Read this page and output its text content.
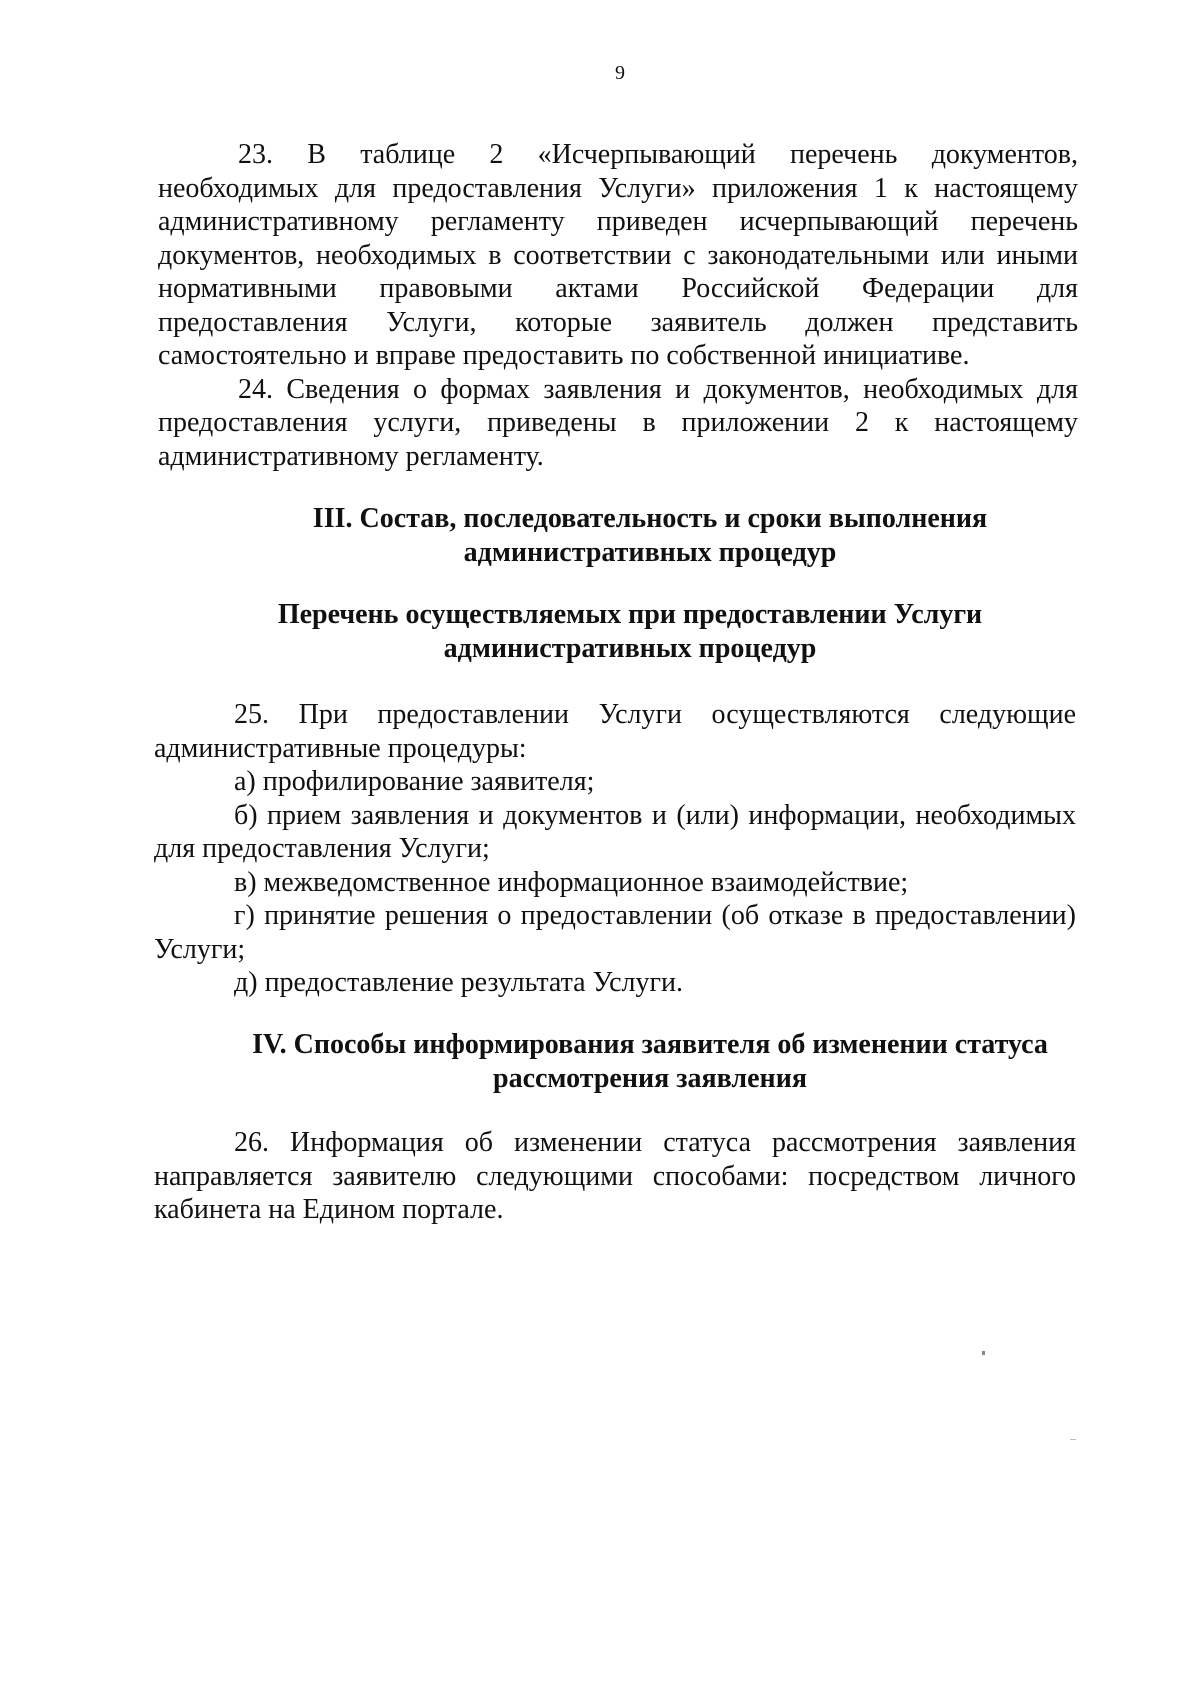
9

23. В таблице 2 «Исчерпывающий перечень документов, необходимых для предоставления Услуги» приложения 1 к настоящему административному регламенту приведен исчерпывающий перечень документов, необходимых в соответствии с законодательными или иными нормативными правовыми актами Российской Федерации для предоставления Услуги, которые заявитель должен представить самостоятельно и вправе предоставить по собственной инициативе.

24. Сведения о формах заявления и документов, необходимых для предоставления услуги, приведены в приложении 2 к настоящему административному регламенту.

III. Состав, последовательность и сроки выполнения

административных процедур

Перечень осуществляемых при предоставлении Услуги

административных процедур

25. При предоставлении Услуги осуществляются следующие административные процедуры:

а) профилирование заявителя;

б) прием заявления и документов и (или) информации, необходимых для предоставления Услуги;

в) межведомственное информационное взаимодействие;

г) принятие решения о предоставлении (об отказе в предоставлении) Услуги;

д) предоставление результата Услуги.

IV. Способы информирования заявителя об изменении статуса

рассмотрения заявления

26. Информация об изменении статуса рассмотрения заявления направляется заявителю следующими способами: посредством личного кабинета на Едином портале.
